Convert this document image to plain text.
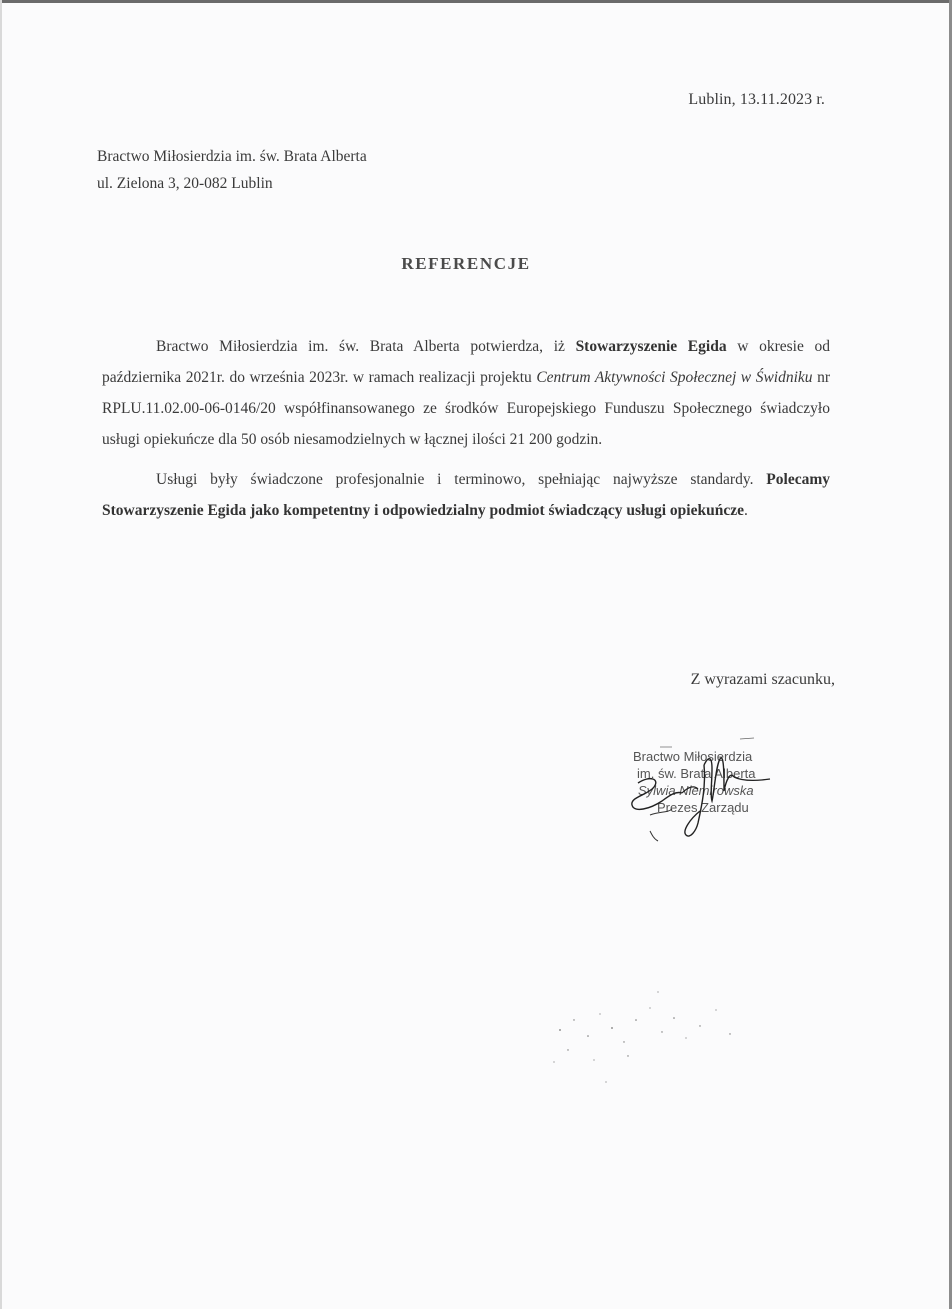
Lublin, 13.11.2023 r.
Bractwo Miłosierdzia im. św. Brata Alberta
ul. Zielona 3, 20-082 Lublin
REFERENCJE

Bractwo Miłosierdzia im. św. Brata Alberta potwierdza, iż Stowarzyszenie Egida w okresie od października 2021r. do września 2023r. w ramach realizacji projektu Centrum Aktywności Społecznej w Świdniku nr RPLU.11.02.00-06-0146/20 współfinansowanego ze środków Europejskiego Funduszu Społecznego świadczyło usługi opiekuńcze dla 50 osób niesamodzielnych w łącznej ilości 21 200 godzin.

Usługi były świadczone profesjonalnie i terminowo, spełniając najwyższe standardy. Polecamy Stowarzyszenie Egida jako kompetentny i odpowiedzialny podmiot świadczący usługi opiekuńcze.

Z wyrazami szacunku,
Bractwo Miłosierdzia
im. św. Brata Alberta
Sylwia Niemirowska
Prezes Zarządu
